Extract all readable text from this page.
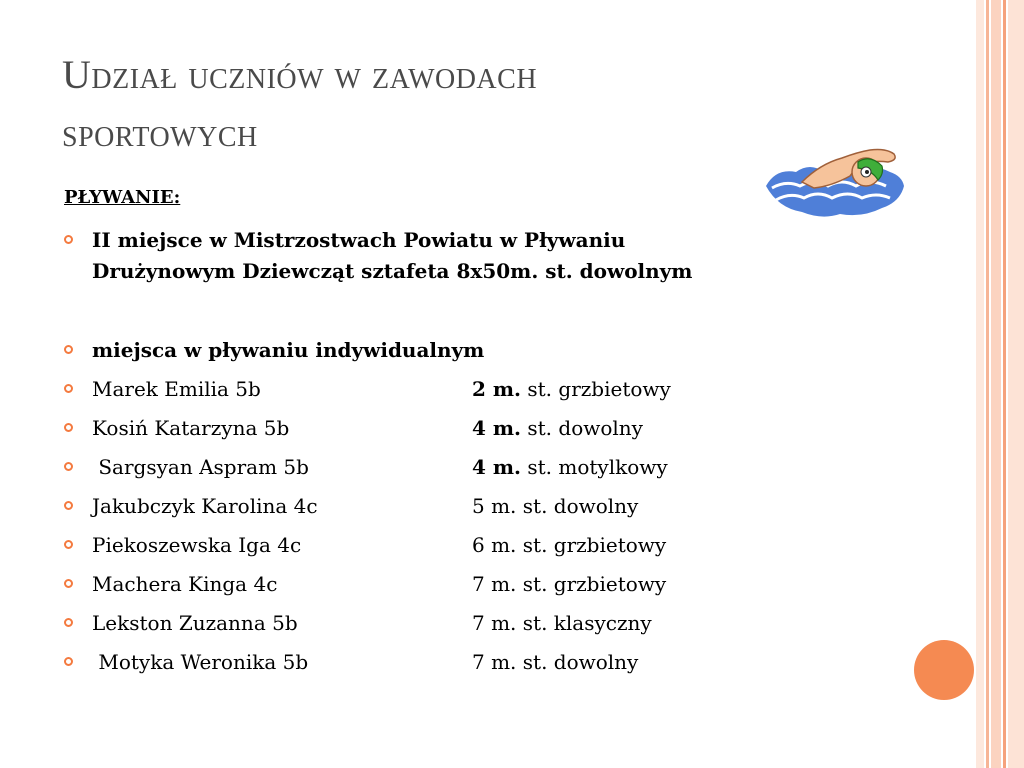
Udział uczniów w zawodach
sportowych
PŁYWANIE:
II miejsce w Mistrzostwach Powiatu w Pływaniu
Drużynowym Dziewcząt sztafeta 8x50m. st. dowolnym
miejsca w pływaniu indywidualnym
Marek Emilia 5b	2 m. st. grzbietowy
Kosiń Katarzyna 5b	4 m. st. dowolny
Sargsyan Aspram 5b	4 m. st. motylkowy
Jakubczyk Karolina 4c	5 m. st. dowolny
Piekoszewska Iga 4c	6 m. st. grzbietowy
Machera Kinga 4c	7 m. st. grzbietowy
Lekston Zuzanna 5b	7 m. st. klasyczny
Motyka Weronika 5b	7 m. st. dowolny
